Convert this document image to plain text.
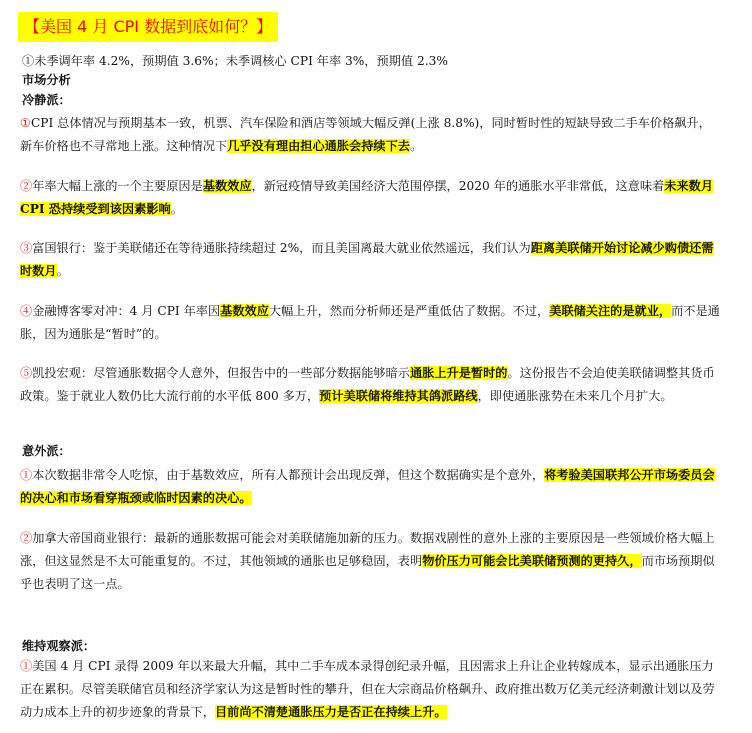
【美国 4 月 CPI 数据到底如何？】
①未季调年率 4.2%，预期值 3.6%；未季调核心 CPI 年率 3%，预期值 2.3%
市场分析
冷静派：
①CPI 总体情况与预期基本一致，机票、汽车保险和酒店等领域大幅反弹(上涨 8.8%)，同时暂时性的短缺导致二手车价格飙升，新车价格也不寻常地上涨。这种情况下几乎没有理由担心通胀会持续下去。
②年率大幅上涨的一个主要原因是基数效应，新冠疫情导致美国经济大范围停摆，2020 年的通胀水平非常低，这意味着未来数月 CPI 恐持续受到该因素影响。
③富国银行：鉴于美联储还在等待通胀持续超过 2%，而且美国离最大就业依然遥远，我们认为距离美联储开始讨论减少购债还需时数月。
④金融博客零对冲：4 月 CPI 年率因基数效应大幅上升，然而分析师还是严重低估了数据。不过，美联储关注的是就业，而不是通胀，因为通胀是“暂时”的。
⑤凯投宏观：尽管通胀数据令人意外，但报告中的一些部分数据能够暗示通胀上升是暂时的。这份报告不会迫使美联储调整其货币政策。鉴于就业人数仍比大流行前的水平低 800 多万，预计美联储将维持其鸽派路线，即使通胀涨势在未来几个月扩大。
意外派：
①本次数据非常令人吃惊，由于基数效应，所有人都预计会出现反弹，但这个数据确实是个意外，将考验美国联邦公开市场委员会的决心和市场看穿瓶颈或临时因素的决心。
②加拿大帝国商业银行：最新的通胀数据可能会对美联储施加新的压力。数据戏剧性的意外上涨的主要原因是一些领域价格大幅上涨，但这显然是不太可能重复的。不过，其他领域的通胀也足够稳固，表明物价压力可能会比美联储预测的更持久，而市场预期似乎也表明了这一点。
维持观察派：
①美国 4 月 CPI 录得 2009 年以来最大升幅，其中二手车成本录得创纪录升幅，且因需求上升让企业转嫁成本，显示出通胀压力正在累积。尽管美联储官员和经济学家认为这是暂时性的攀升，但在大宗商品价格飙升、政府推出数万亿美元经济刺激计划以及劳动力成本上升的初步迹象的背景下，目前尚不清楚通胀压力是否正在持续上升。
